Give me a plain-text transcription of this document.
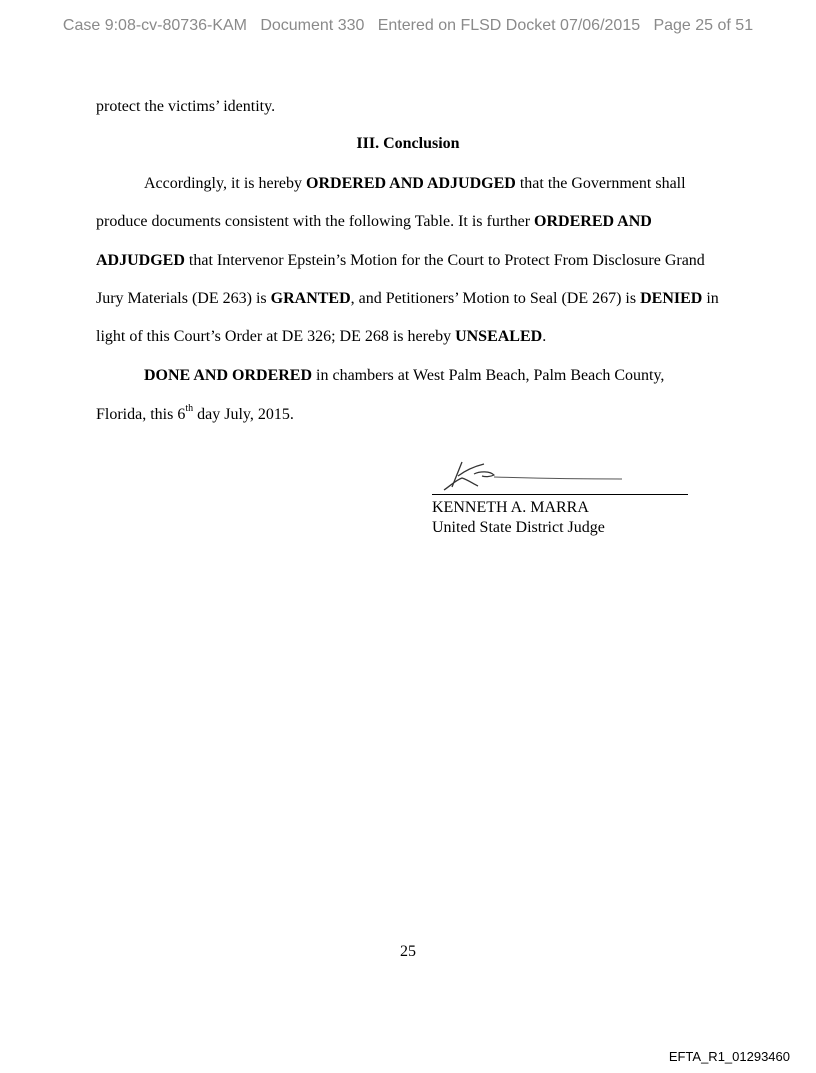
Case 9:08-cv-80736-KAM   Document 330   Entered on FLSD Docket 07/06/2015   Page 25 of 51
protect the victims’ identity.
III. Conclusion
Accordingly, it is hereby ORDERED AND ADJUDGED that the Government shall
produce documents consistent with the following Table. It is further ORDERED AND
ADJUDGED that Intervenor Epstein’s Motion for the Court to Protect From Disclosure Grand
Jury Materials (DE 263) is GRANTED, and Petitioners’ Motion to Seal (DE 267) is DENIED in
light of this Court’s Order at DE 326; DE 268 is hereby UNSEALED.
DONE AND ORDERED in chambers at West Palm Beach, Palm Beach County,
Florida, this 6th day July, 2015.
KENNETH A. MARRA
United State District Judge
25
EFTA_R1_01293460
